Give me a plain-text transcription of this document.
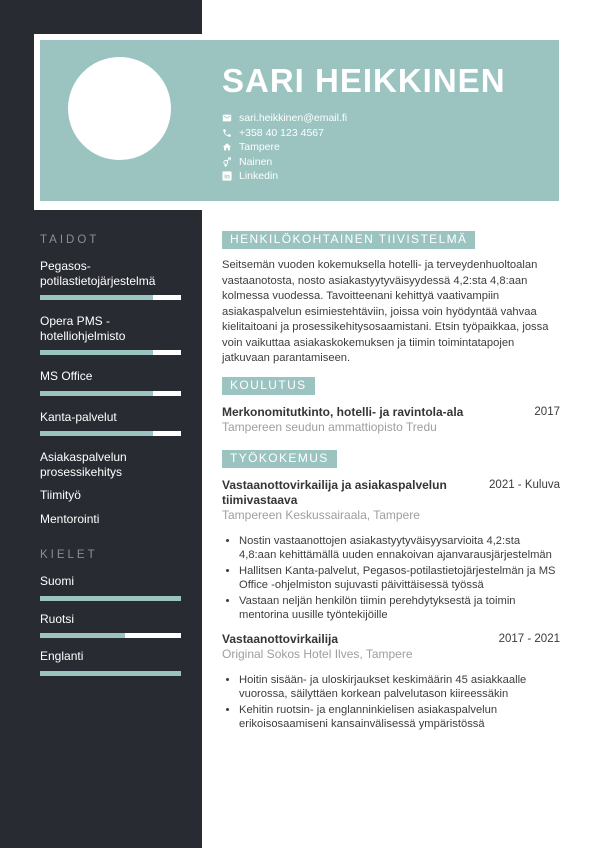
TAIDOT
Pegasos-potilastietojärjestelmä
Opera PMS - hotelliohjelmisto
MS Office
Kanta-palvelut
Asiakaspalvelun prosessikehitys
Tiimityö
Mentorointi
KIELET
Suomi
Ruotsi
Englanti
SARI HEIKKINEN
sari.heikkinen@email.fi
+358 40 123 4567
Tampere
Nainen
in Linkedin
HENKILÖKOHTAINEN TIIVISTELMÄ

Seitsemän vuoden kokemuksella hotelli- ja terveydenhuoltoalan vastaanotosta, nosto asiakastyytyväisyydessä 4,2:sta 4,8:aan kolmessa vuodessa. Tavoitteenani kehittyä vaativampiin asiakaspalvelun esimiestehtäviin, joissa voin hyödyntää vahvaa kielitaitoani ja prosessikehitysosaamistani. Etsin työpaikkaa, jossa voin vaikuttaa asiakaskokemuksen ja tiimin toimintatapojen jatkuvaan parantamiseen.

KOULUTUS
Merkonomitutkinto, hotelli- ja ravintola-ala	2017
Tampereen seudun ammattiopisto Tredu
TYÖKOKEMUS
Vastaanottovirkailija ja asiakaspalvelun tiimivastaava
2021 - Kuluva
Tampereen Keskussairaala, Tampere
• Nostin vastaanottojen asiakastyytyväisyysarvioita 4,2:sta 4,8:aan kehittämällä uuden ennakoivan ajanvarausjärjestelmän
• Hallitsen Kanta-palvelut, Pegasos-potilastietojärjestelmän ja MS Office -ohjelmiston sujuvasti päivittäisessä työssä
• Vastaan neljän henkilön tiimin perehdytyksestä ja toimin mentorina uusille työntekijöille
Vastaanottovirkailija	2017 - 2021
Original Sokos Hotel Ilves, Tampere
• Hoitin sisään- ja uloskirjaukset keskimäärin 45 asiakkaalle vuorossa, säilyttäen korkean palvelutason kiireessäkin
• Kehitin ruotsin- ja englanninkielisen asiakaspalvelun erikoisosaamiseni kansainvälisessä ympäristössä
